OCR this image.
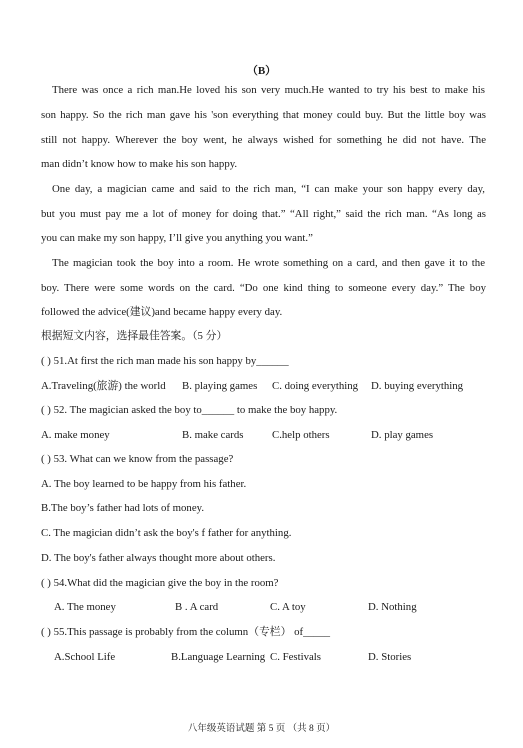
（B）
There was once a rich man.He loved his son very much.He wanted to try his best to make his
son happy. So the rich man gave his 'son everything that money could buy. But the little boy was
still not happy. Wherever the boy went, he always wished for something he did not have. The
man didn’t know how to make his son happy.
One day, a magician came and said to the rich man, “I can make your son happy every day,
but you must pay me a lot of money for doing that.” “All right,” said the rich man. “As long as
you can make my son happy, I’ll give you anything you want.”
The magician took the boy into a room. He wrote something on a card, and then gave it to the
boy. There were some words on the card. “Do one kind thing to someone every day.” The boy
followed the advice(建议)and became happy every day.
根据短文内容，选择最佳答案。（5 分）
( ) 51.At first the rich man made his son happy by______
A.Traveling(旅游) the world B. playing games C. doing everything D. buying everything
( ) 52. The magician asked the boy to______ to make the boy happy.
A. make money	B. make cards	C.help others	D. play games
( ) 53. What can we know from the passage?
A. The boy learned to be happy from his father.
B.The boy’s father had lots of money.
C. The magician didn’t ask the boy's f father for anything.
D. The boy's father always thought more about others.
( ) 54.What did the magician give the boy in the room?
A. The money	B . A card	C. A toy	D. Nothing
( ) 55.This passage is probably from the column（专栏） of_____
A.School Life	B.Language Learning C. Festivals	D. Stories
八年级英语试题 第 5 页 （共 8 页）
